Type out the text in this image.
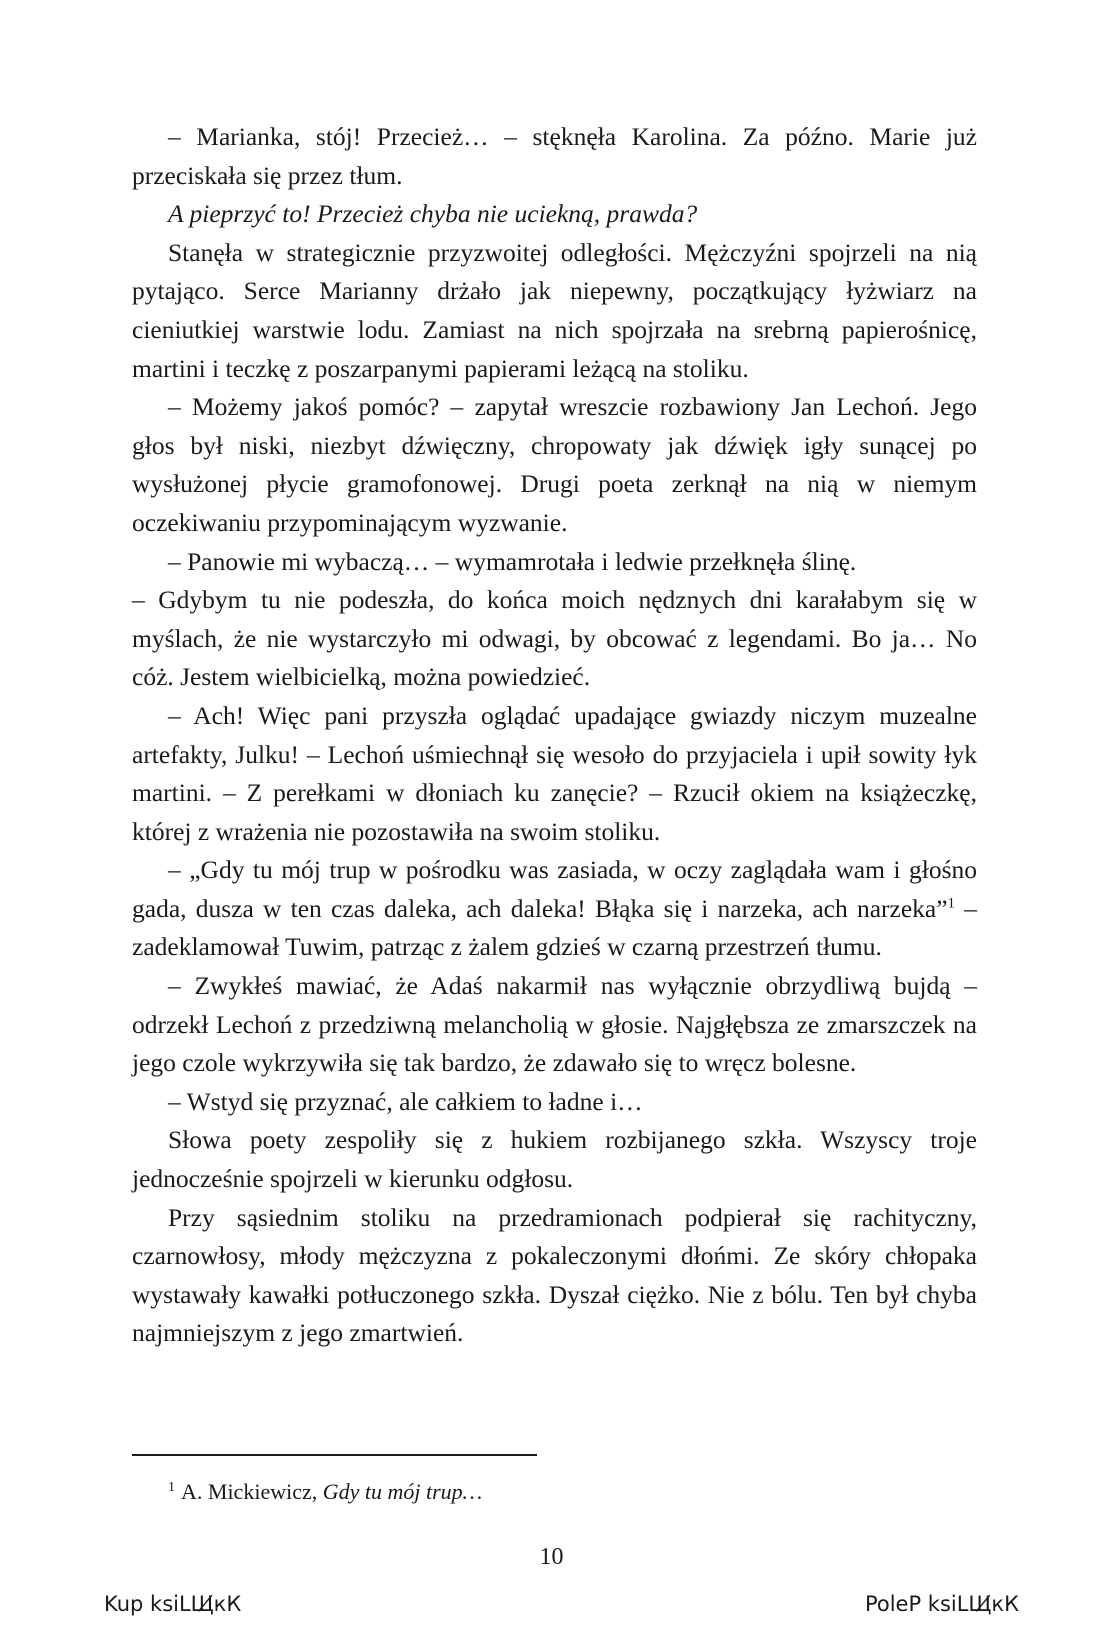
– Marianka, stój! Przecież… – stęknęła Karolina. Za późno. Marie już przeciskała się przez tłum.

A pieprzyć to! Przecież chyba nie uciekną, prawda?

Stanęła w strategicznie przyzwoitej odległości. Mężczyźni spojrzeli na nią pytająco. Serce Marianny drżało jak niepewny, początkujący łyżwiarz na cieniutkiej warstwie lodu. Zamiast na nich spojrzała na srebrną papierośnicę, martini i teczkę z poszarpanymi papierami leżącą na stoliku.

– Możemy jakoś pomóc? – zapytał wreszcie rozbawiony Jan Lechoń. Jego głos był niski, niezbyt dźwięczny, chropowaty jak dźwięk igły sunącej po wysłużonej płycie gramofonowej. Drugi poeta zerknął na nią w niemym oczekiwaniu przypominającym wyzwanie.

– Panowie mi wybaczą… – wymamrotała i ledwie przełknęła ślinę.

– Gdybym tu nie podeszła, do końca moich nędznych dni karałabym się w myślach, że nie wystarczyło mi odwagi, by obcować z legendami. Bo ja… No cóż. Jestem wielbicielką, można powiedzieć.

– Ach! Więc pani przyszła oglądać upadające gwiazdy niczym muzealne artefakty, Julku! – Lechoń uśmiechnął się wesoło do przyjaciela i upił sowity łyk martini. – Z perełkami w dłoniach ku zanęcie? – Rzucił okiem na książeczkę, której z wrażenia nie pozostawiła na swoim stoliku.

– „Gdy tu mój trup w pośrodku was zasiada, w oczy zaglądała wam i głośno gada, dusza w ten czas daleka, ach daleka! Błąka się i narzeka, ach narzeka”$^1$ – zadeklamował Tuwim, patrząc z żalem gdzieś w czarną przestrzeń tłumu.

– Zwykłeś mawiać, że Adaś nakarmił nas wyłącznie obrzydliwą bujdą – odrzekł Lechoń z przedziwną melancholią w głosie. Najgłębsza ze zmarszczek na jego czole wykrzywiła się tak bardzo, że zdawało się to wręcz bolesne.

– Wstyd się przyznać, ale całkiem to ładne i…

Słowa poety zespoliły się z hukiem rozbijanego szkła. Wszyscy troje jednocześnie spojrzeli w kierunku odgłosu.

Przy sąsiednim stoliku na przedramionach podpierał się rachityczny, czarnowłosy, młody mężczyzna z pokaleczonymi dłońmi. Ze skóry chłopaka wystawały kawałki potłuczonego szkła. Dyszał ciężko. Nie z bólu. Ten był chyba najmniejszym z jego zmartwień.

$^1$ A. Mickiewicz, Gdy tu mój trup…
10
Kup ksiLЩ̸кК	PoleP ksiLЩ̸кК
